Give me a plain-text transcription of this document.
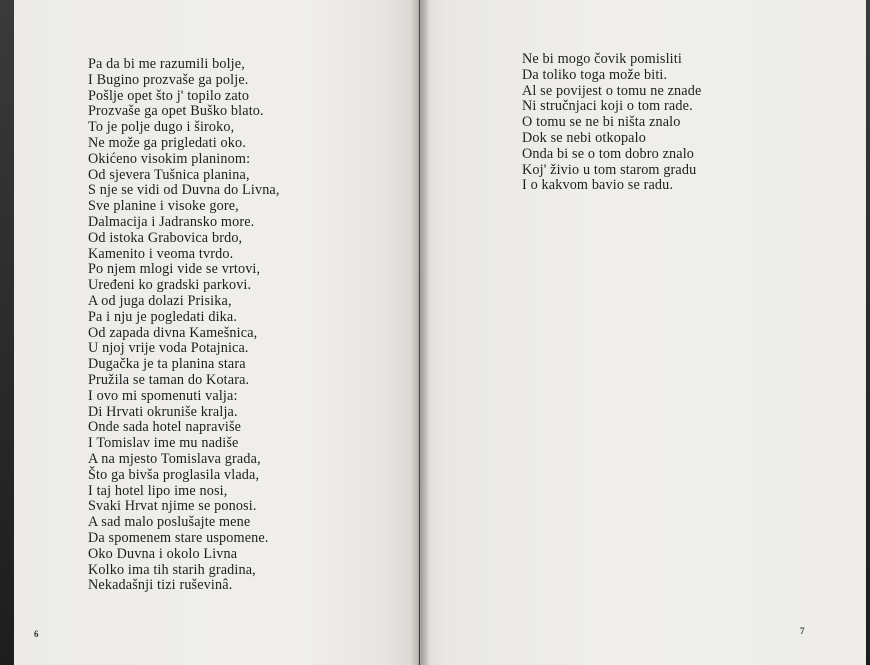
Pa da bi me razumili bolje,
I Bugino prozvaše ga polje.
Pošlje opet što j' topilo zato
Prozvaše ga opet Buško blato.
To je polje dugo i široko,
Ne može ga prigledati oko.
Okićeno visokim planinom:
Od sjevera Tušnica planina,
S nje se vidi od Duvna do Livna,
Sve planine i visoke gore,
Dalmacija i Jadransko more.
Od istoka Grabovica brdo,
Kamenito i veoma tvrdo.
Po njem mlogi vide se vrtovi,
Uređeni ko gradski parkovi.
A od juga dolazi Prisika,
Pa i nju je pogledati dika.
Od zapada divna Kamešnica,
U njoj vrije voda Potajnica.
Dugačka je ta planina stara
Pružila se taman do Kotara.
I ovo mi spomenuti valja:
Di Hrvati okruniše kralja.
Onde sada hotel napraviše
I Tomislav ime mu nadiše
A na mjesto Tomislava grada,
Što ga bivša proglasila vlada,
I taj hotel lipo ime nosi,
Svaki Hrvat njime se ponosi.
A sad malo poslušajte mene
Da spomenem stare uspomene.
Oko Duvna i okolo Livna
Kolko ima tih starih gradina,
Nekadašnji tizi ruševinâ.
6
Ne bi mogo čovik pomisliti
Da toliko toga može biti.
Al se povijest o tomu ne znade
Ni stručnjaci koji o tom rade.
O tomu se ne bi ništa znalo
Dok se nebi otkopalo
Onda bi se o tom dobro znalo
Koj' živio u tom starom gradu
I o kakvom bavio se radu.
7
